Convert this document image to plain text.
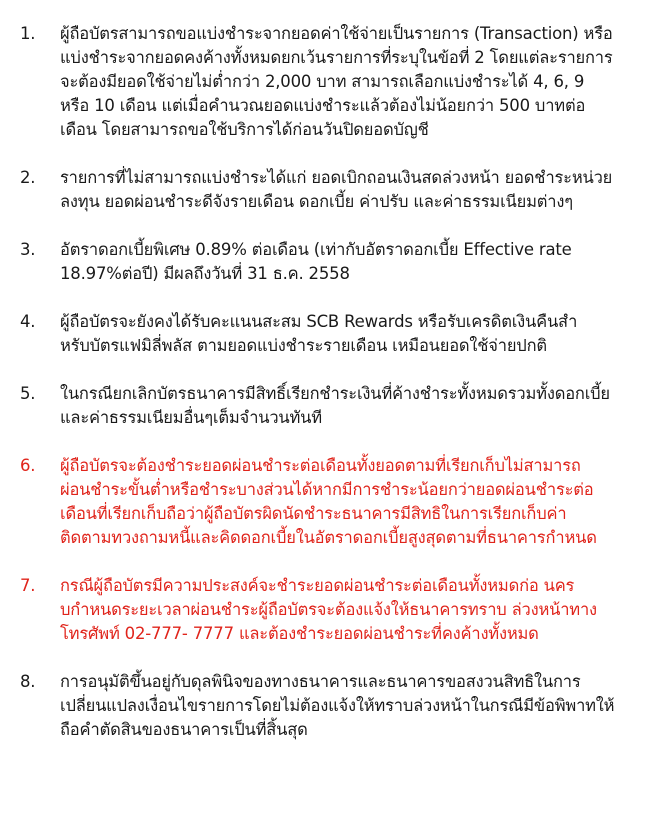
1. ผู้ถือบัตรสามารถขอแบ่งชำระจากยอดค่าใช้จ่ายเป็นรายการ (Transaction) หรือ
แบ่งชำระจากยอดคงค้างทั้งหมดยกเว้นรายการที่ระบุในข้อที่ 2 โดยแต่ละรายการ
จะต้องมียอดใช้จ่ายไม่ต่ำกว่า 2,000 บาท สามารถเลือกแบ่งชำระได้ 4, 6, 9
หรือ 10 เดือน แต่เมื่อคำนวณยอดแบ่งชำระแล้วต้องไม่น้อยกว่า 500 บาทต่อ
เดือน โดยสามารถขอใช้บริการได้ก่อนวันปิดยอดบัญชี
2. รายการที่ไม่สามารถแบ่งชำระได้แก่ ยอดเบิกถอนเงินสดล่วงหน้า ยอดชำระหน่วย
ลงทุน ยอดผ่อนชำระดีจังรายเดือน ดอกเบี้ย ค่าปรับ และค่าธรรมเนียมต่างๆ
3. อัตราดอกเบี้ยพิเศษ 0.89% ต่อเดือน (เท่ากับอัตราดอกเบี้ย Effective rate
18.97%ต่อปี) มีผลถึงวันที่ 31 ธ.ค. 2558
4. ผู้ถือบัตรจะยังคงได้รับคะแนนสะสม SCB Rewards หรือรับเครดิตเงินคืนสำ
หรับบัตรแฟมิลี่พลัส ตามยอดแบ่งชำระรายเดือน เหมือนยอดใช้จ่ายปกติ
5. ในกรณียกเลิกบัตรธนาคารมีสิทธิ์เรียกชำระเงินที่ค้างชำระทั้งหมดรวมทั้งดอกเบี้ย
และค่าธรรมเนียมอื่นๆเต็มจำนวนทันที
6. ผู้ถือบัตรจะต้องชำระยอดผ่อนชำระต่อเดือนทั้งยอดตามที่เรียกเก็บไม่สามารถ
ผ่อนชำระขั้นต่ำหรือชำระบางส่วนได้หากมีการชำระน้อยกว่ายอดผ่อนชำระต่อ
เดือนที่เรียกเก็บถือว่าผู้ถือบัตรผิดนัดชำระธนาคารมีสิทธิในการเรียกเก็บค่า
ติดตามทวงถามหนี้และคิดดอกเบี้ยในอัตราดอกเบี้ยสูงสุดตามที่ธนาคารกำหนด
7. กรณีผู้ถือบัตรมีความประสงค์จะชำระยอดผ่อนชำระต่อเดือนทั้งหมดก่อ นคร
บกำหนดระยะเวลาผ่อนชำระผู้ถือบัตรจะต้องแจ้งให้ธนาคารทราบ ล่วงหน้าทาง
โทรศัพท์ 02-777- 7777 และต้องชำระยอดผ่อนชำระที่คงค้างทั้งหมด
8. การอนุมัติขึ้นอยู่กับดุลพินิจของทางธนาคารและธนาคารขอสงวนสิทธิในการ
เปลี่ยนแปลงเงื่อนไขรายการโดยไม่ต้องแจ้งให้ทราบล่วงหน้าในกรณีมีข้อพิพาทให้
ถือคำตัดสินของธนาคารเป็นที่สิ้นสุด
